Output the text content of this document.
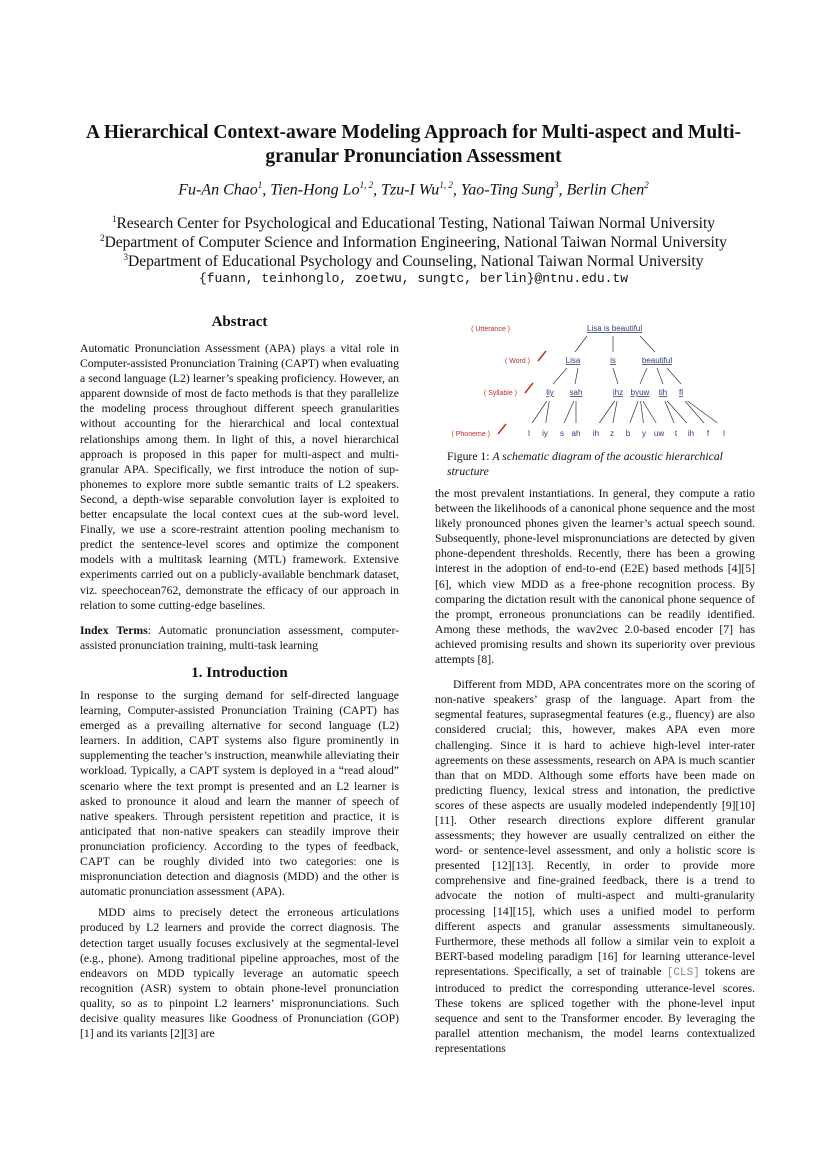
A Hierarchical Context-aware Modeling Approach for Multi-aspect and Multi-granular Pronunciation Assessment
Fu-An Chao$^1$, Tien-Hong Lo$^{1, 2}$, Tzu-I Wu$^{1, 2}$, Yao-Ting Sung$^3$, Berlin Chen$^2$
$^1$Research Center for Psychological and Educational Testing, National Taiwan Normal University
$^2$Department of Computer Science and Information Engineering, National Taiwan Normal University
$^3$Department of Educational Psychology and Counseling, National Taiwan Normal University
{fuann, teinhonglo, zoetwu, sungtc, berlin}@ntnu.edu.tw
Abstract

Automatic Pronunciation Assessment (APA) plays a vital role in Computer-assisted Pronunciation Training (CAPT) when evaluating a second language (L2) learner’s speaking proficiency. However, an apparent downside of most de facto methods is that they parallelize the modeling process throughout different speech granularities without accounting for the hierarchical and local contextual relationships among them. In light of this, a novel hierarchical approach is proposed in this paper for multi-aspect and multi-granular APA. Specifically, we first introduce the notion of sup-phonemes to explore more subtle semantic traits of L2 speakers. Second, a depth-wise separable convolution layer is exploited to better encapsulate the local context cues at the sub-word level. Finally, we use a score-restraint attention pooling mechanism to predict the sentence-level scores and optimize the component models with a multitask learning (MTL) framework. Extensive experiments carried out on a publicly-available benchmark dataset, viz. speechocean762, demonstrate the efficacy of our approach in relation to some cutting-edge baselines.

Index Terms: Automatic pronunciation assessment, computer-assisted pronunciation training, multi-task learning

1. Introduction

In response to the surging demand for self-directed language learning, Computer-assisted Pronunciation Training (CAPT) has emerged as a prevailing alternative for second language (L2) learners. In addition, CAPT systems also figure prominently in supplementing the teacher’s instruction, meanwhile alleviating their workload. Typically, a CAPT system is deployed in a “read aloud” scenario where the text prompt is presented and an L2 learner is asked to pronounce it aloud and learn the manner of speech of native speakers. Through persistent repetition and practice, it is anticipated that non-native speakers can steadily improve their pronunciation proficiency. According to the types of feedback, CAPT can be roughly divided into two categories: one is mispronunciation detection and diagnosis (MDD) and the other is automatic pronunciation assessment (APA).

MDD aims to precisely detect the erroneous articulations produced by L2 learners and provide the correct diagnosis. The detection target usually focuses exclusively at the segmental-level (e.g., phone). Among traditional pipeline approaches, most of the endeavors on MDD typically leverage an automatic speech recognition (ASR) system to obtain phone-level pronunciation quality, so as to pinpoint L2 learners’ mispronunciations. Such decisive quality measures like Goodness of Pronunciation (GOP) [1] and its variants [2][3] are

( Utterance )
( Word )
( Syllable )
( Phoneme )
Lisa is beautiful
Lisa	is	beautiful
liy sah	ihz byuw tih fl
l iy s ah ih z b y uw t ih f l
Figure 1: A schematic diagram of the acoustic hierarchical structure

the most prevalent instantiations. In general, they compute a ratio between the likelihoods of a canonical phone sequence and the most likely pronounced phones given the learner’s actual speech sound. Subsequently, phone-level mispronunciations are detected by given phone-dependent thresholds. Recently, there has been a growing interest in the adoption of end-to-end (E2E) based methods [4][5][6], which view MDD as a free-phone recognition process. By comparing the dictation result with the canonical phone sequence of the prompt, erroneous pronunciations can be readily identified. Among these methods, the wav2vec 2.0-based encoder [7] has achieved promising results and shown its superiority over previous attempts [8].

Different from MDD, APA concentrates more on the scoring of non-native speakers’ grasp of the language. Apart from the segmental features, suprasegmental features (e.g., fluency) are also considered crucial; this, however, makes APA even more challenging. Since it is hard to achieve high-level inter-rater agreements on these assessments, research on APA is much scantier than that on MDD. Although some efforts have been made on predicting fluency, lexical stress and intonation, the predictive scores of these aspects are usually modeled independently [9][10][11]. Other research directions explore different granular assessments; they however are usually centralized on either the word- or sentence-level assessment, and only a holistic score is presented [12][13]. Recently, in order to provide more comprehensive and fine-grained feedback, there is a trend to advocate the notion of multi-aspect and multi-granularity processing [14][15], which uses a unified model to perform different aspects and granular assessments simultaneously. Furthermore, these methods all follow a similar vein to exploit a BERT-based modeling paradigm [16] for learning utterance-level representations. Specifically, a set of trainable [CLS] tokens are introduced to predict the corresponding utterance-level scores. These tokens are spliced together with the phone-level input sequence and sent to the Transformer encoder. By leveraging the parallel attention mechanism, the model learns contextualized representations
